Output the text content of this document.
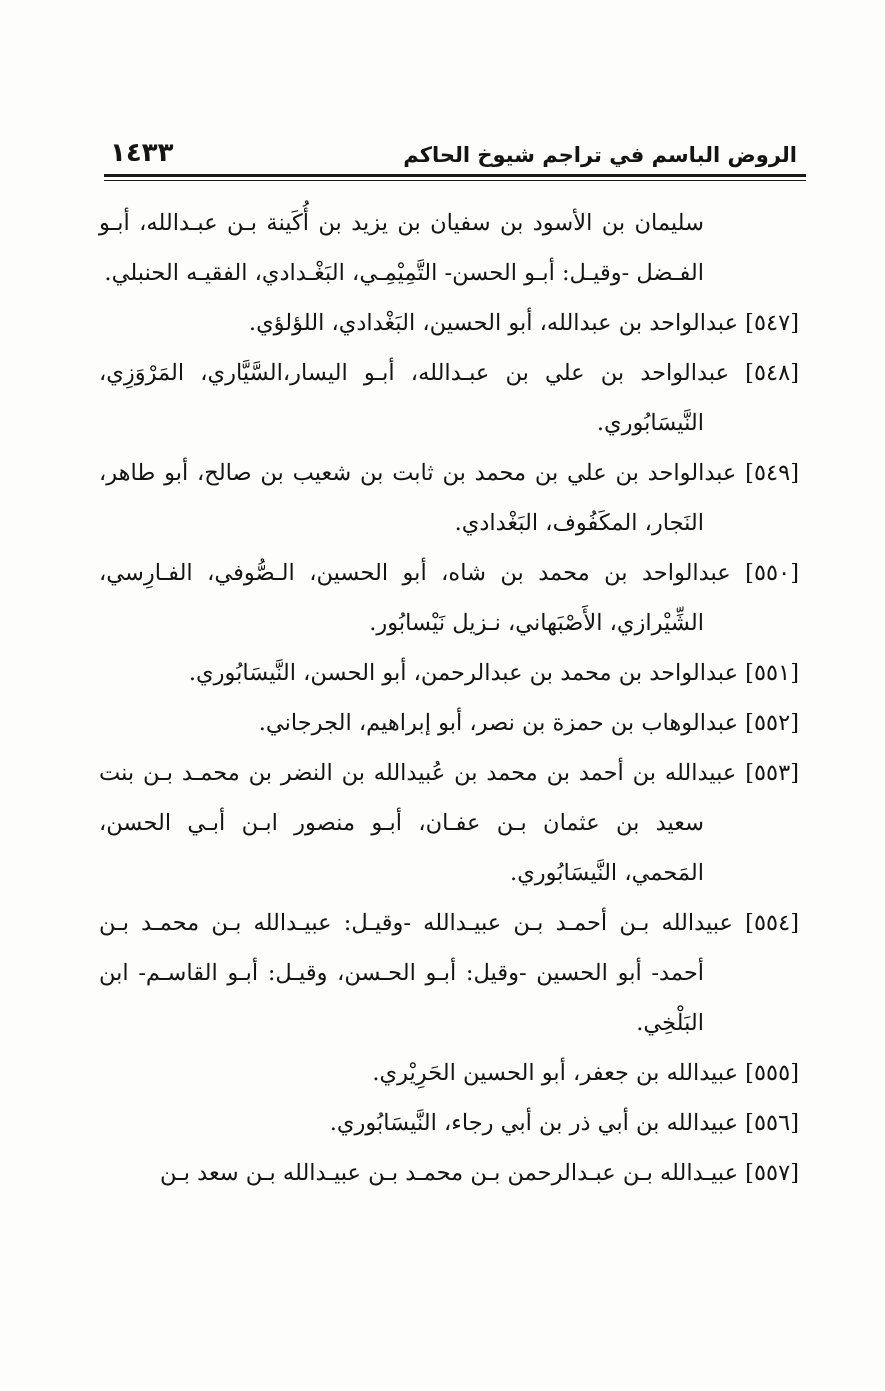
الروض الباسم في تراجم شيوخ الحاكم
١٤٣٣

سليمان بن الأسود بن سفيان بن يزيد بن أُكَينة بـن عبـدالله، أبـو الفـضل -وقيـل: أبـو الحسن- التَّمِيْمِـي، البَغْـدادي، الفقيـه الحنبلي.

[٥٤٧] عبدالواحد بن عبدالله، أبو الحسين، البَغْدادي، اللؤلؤي.

[٥٤٨] عبدالواحد بن علي بن عبـدالله، أبـو اليسار،السَّيَّاري، المَرْوَزِي، النَّيسَابُوري.

[٥٤٩] عبدالواحد بن علي بن محمد بن ثابت بن شعيب بن صالح، أبو طاهر، النَجار، المكَفُوف، البَغْدادي.

[٥٥٠] عبدالواحد بن محمد بن شاه، أبو الحسين، الـصُّوفي، الفـارِسي، الشِّيْرازي، الأَصْبَهاني، نـزيل نَيْسابُور.

[٥٥١] عبدالواحد بن محمد بن عبدالرحمن، أبو الحسن، النَّيسَابُوري.

[٥٥٢] عبدالوهاب بن حمزة بن نصر، أبو إبراهيم، الجرجاني.

[٥٥٣] عبيدالله بن أحمد بن محمد بن عُبيدالله بن النضر بن محمـد بـن بنت سعيد بن عثمان بـن عفـان، أبـو منصور ابـن أبـي الحسن، المَحمي، النَّيسَابُوري.

[٥٥٤] عبيدالله بـن أحمـد بـن عبيـدالله -وقيـل: عبيـدالله بـن محمـد بـن أحمد- أبو الحسين -وقيل: أبـو الحـسن، وقيـل: أبـو القاسـم- ابن البَلْخِي.

[٥٥٥] عبيدالله بن جعفر، أبو الحسين الحَرِيْري.

[٥٥٦] عبيدالله بن أبي ذر بن أبي رجاء، النَّيسَابُوري.

[٥٥٧] عبيـدالله بـن عبـدالرحمن بـن محمـد بـن عبيـدالله بـن سعد بـن
